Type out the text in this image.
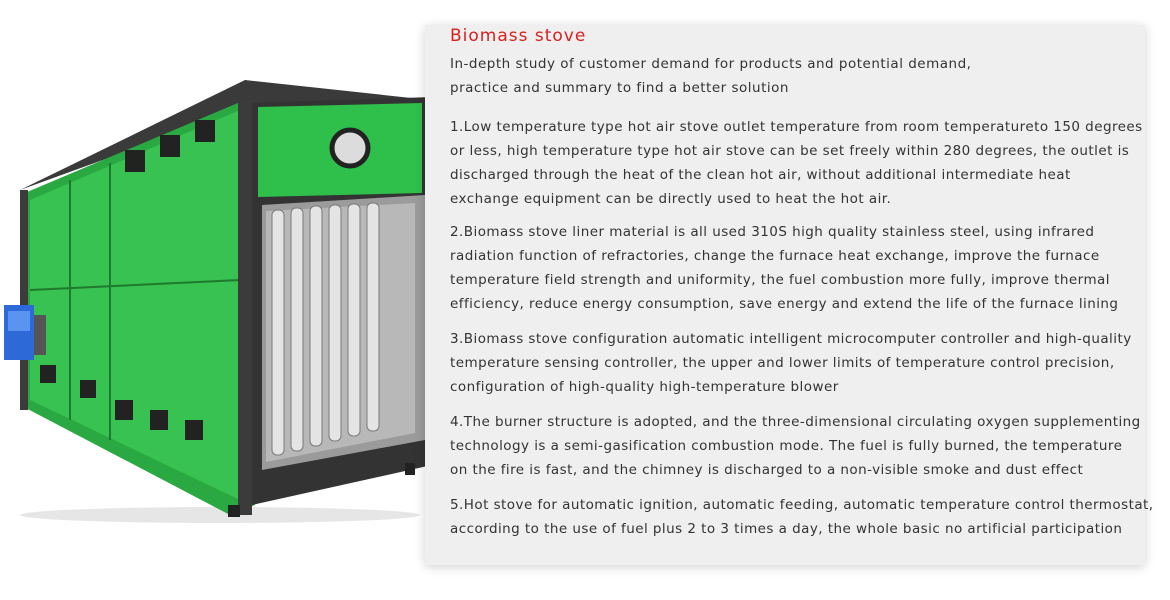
Biomass stove
In-depth study of customer demand for products and potential demand,
practice and summary to find a better solution
1.Low temperature type hot air stove outlet temperature from room temperatureto 150 degrees
or less, high temperature type hot air stove can be set freely within 280 degrees, the outlet is
discharged through the heat of the clean hot air, without additional intermediate heat
exchange equipment can be directly used to heat the hot air.
2.Biomass stove liner material is all used 310S high quality stainless steel, using infrared
radiation function of refractories, change the furnace heat exchange, improve the furnace
temperature field strength and uniformity, the fuel combustion more fully, improve thermal
efficiency, reduce energy consumption, save energy and extend the life of the furnace lining
3.Biomass stove configuration automatic intelligent microcomputer controller and high-quality
temperature sensing controller, the upper and lower limits of temperature control precision,
configuration of high-quality high-temperature blower
4.The burner structure is adopted, and the three-dimensional circulating oxygen supplementing
technology is a semi-gasification combustion mode. The fuel is fully burned, the temperature
on the fire is fast, and the chimney is discharged to a non-visible smoke and dust effect
5.Hot stove for automatic ignition, automatic feeding, automatic temperature control thermostat,
according to the use of fuel plus 2 to 3 times a day, the whole basic no artificial participation
